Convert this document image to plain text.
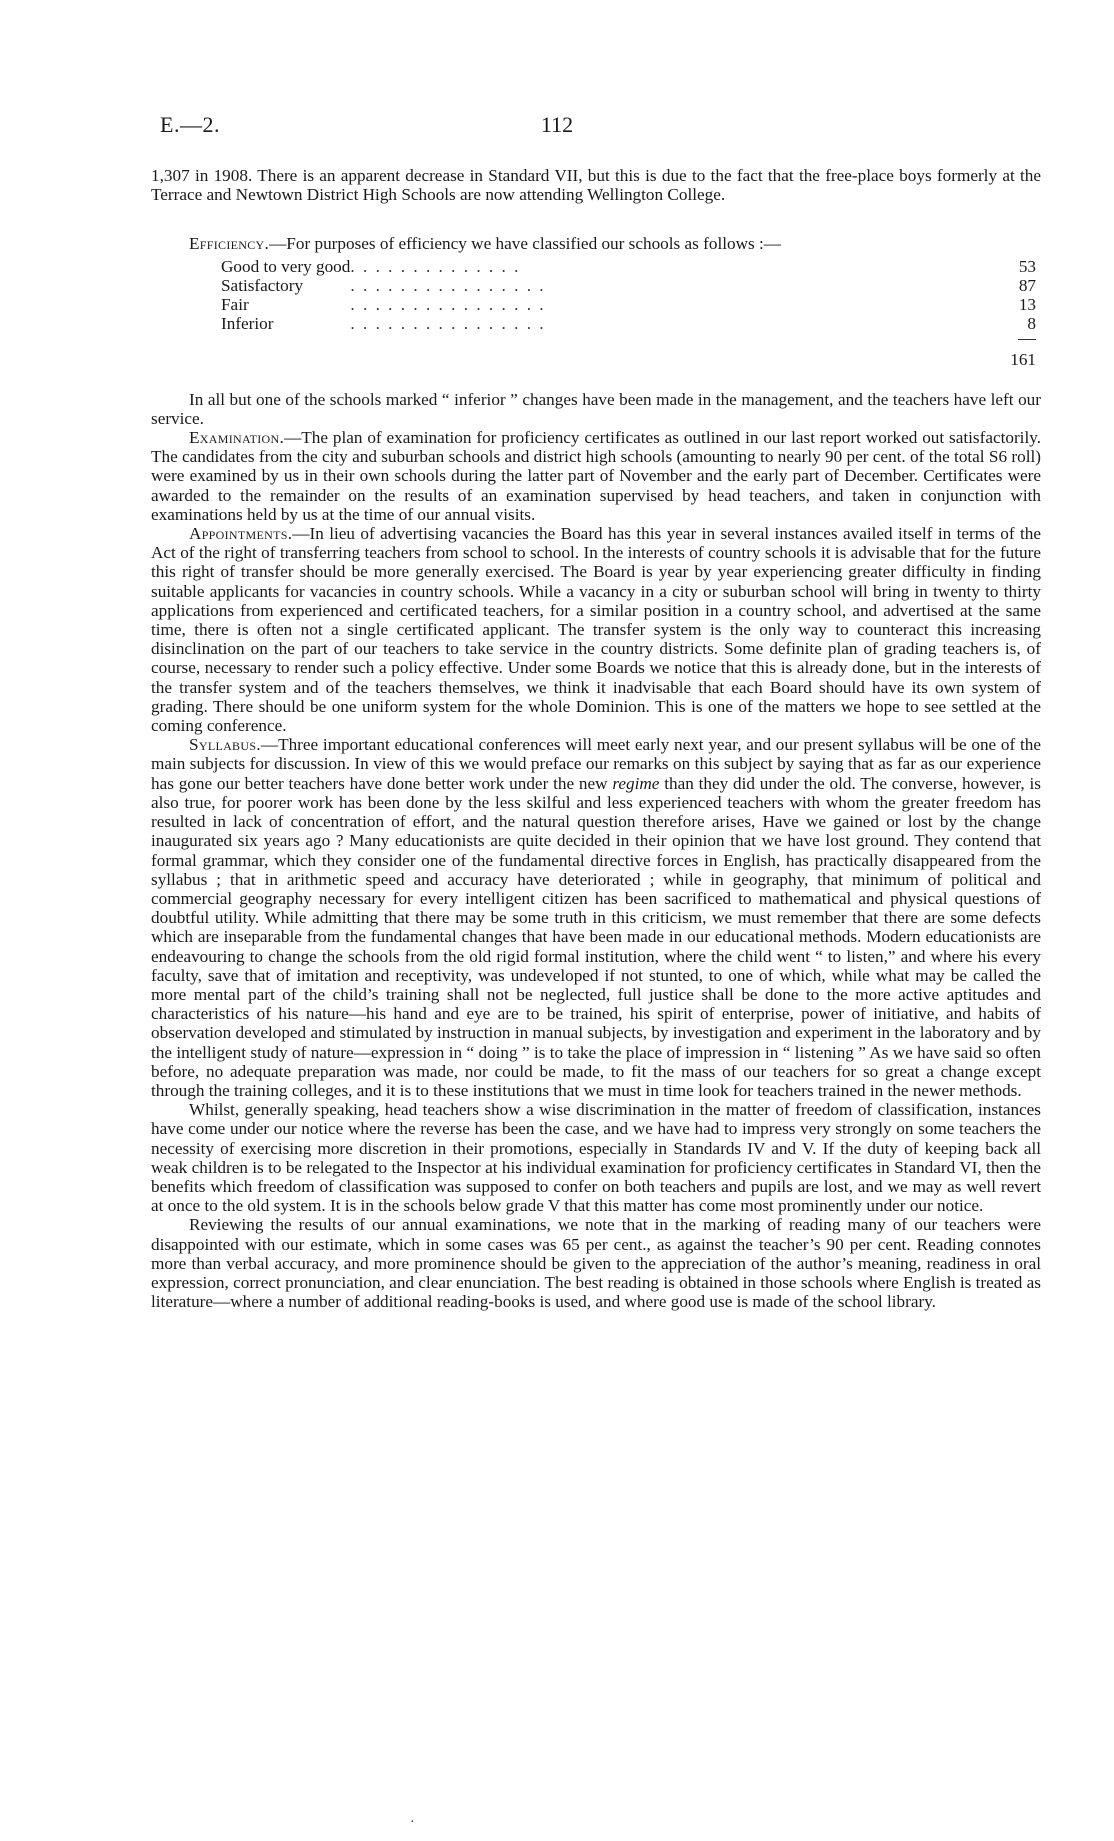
E.—2.	112

1,307 in 1908. There is an apparent decrease in Standard VII, but this is due to the fact that the free-place boys formerly at the Terrace and Newtown District High Schools are now attending Wellington College.

Efficiency.—For purposes of efficiency we have classified our schools as follows :—

Good to very good	. . . . . . . . . . . . . .	53
Satisfactory	. . . . . . . . . . . . . . . .	87
Fair	. . . . . . . . . . . . . . . .	13
Inferior	. . . . . . . . . . . . . . . .	8
161

In all but one of the schools marked “ inferior ” changes have been made in the management, and the teachers have left our service.

Examination.—The plan of examination for proficiency certificates as outlined in our last report worked out satisfactorily. The candidates from the city and suburban schools and district high schools (amounting to nearly 90 per cent. of the total S6 roll) were examined by us in their own schools during the latter part of November and the early part of December. Certificates were awarded to the remainder on the results of an examination supervised by head teachers, and taken in conjunction with examinations held by us at the time of our annual visits.

Appointments.—In lieu of advertising vacancies the Board has this year in several instances availed itself in terms of the Act of the right of transferring teachers from school to school. In the interests of country schools it is advisable that for the future this right of transfer should be more generally exercised. The Board is year by year experiencing greater difficulty in finding suitable applicants for vacancies in country schools. While a vacancy in a city or suburban school will bring in twenty to thirty applications from experienced and certificated teachers, for a similar position in a country school, and advertised at the same time, there is often not a single certificated applicant. The transfer system is the only way to counteract this increasing disinclination on the part of our teachers to take service in the country districts. Some definite plan of grading teachers is, of course, necessary to render such a policy effective. Under some Boards we notice that this is already done, but in the interests of the transfer system and of the teachers themselves, we think it inadvisable that each Board should have its own system of grading. There should be one uniform system for the whole Dominion. This is one of the matters we hope to see settled at the coming conference.

Syllabus.—Three important educational conferences will meet early next year, and our present syllabus will be one of the main subjects for discussion. In view of this we would preface our remarks on this subject by saying that as far as our experience has gone our better teachers have done better work under the new regime than they did under the old. The converse, however, is also true, for poorer work has been done by the less skilful and less experienced teachers with whom the greater freedom has resulted in lack of concentration of effort, and the natural question therefore arises, Have we gained or lost by the change inaugurated six years ago ? Many educationists are quite decided in their opinion that we have lost ground. They contend that formal grammar, which they consider one of the fundamental directive forces in English, has practically disappeared from the syllabus ; that in arithmetic speed and accuracy have deteriorated ; while in geography, that minimum of political and commercial geography necessary for every intelligent citizen has been sacrificed to mathematical and physical questions of doubtful utility. While admitting that there may be some truth in this criticism, we must remember that there are some defects which are inseparable from the fundamental changes that have been made in our educational methods. Modern educationists are endeavouring to change the schools from the old rigid formal institution, where the child went “ to listen,” and where his every faculty, save that of imitation and receptivity, was undeveloped if not stunted, to one of which, while what may be called the more mental part of the child’s training shall not be neglected, full justice shall be done to the more active aptitudes and characteristics of his nature—his hand and eye are to be trained, his spirit of enterprise, power of initiative, and habits of observation developed and stimulated by instruction in manual subjects, by investigation and experiment in the laboratory and by the intelligent study of nature—expression in “ doing ” is to take the place of impression in “ listening ” As we have said so often before, no adequate preparation was made, nor could be made, to fit the mass of our teachers for so great a change except through the training colleges, and it is to these institutions that we must in time look for teachers trained in the newer methods.

Whilst, generally speaking, head teachers show a wise discrimination in the matter of freedom of classification, instances have come under our notice where the reverse has been the case, and we have had to impress very strongly on some teachers the necessity of exercising more discretion in their promotions, especially in Standards IV and V. If the duty of keeping back all weak children is to be relegated to the Inspector at his individual examination for proficiency certificates in Standard VI, then the benefits which freedom of classification was supposed to confer on both teachers and pupils are lost, and we may as well revert at once to the old system. It is in the schools below grade V that this matter has come most prominently under our notice.

Reviewing the results of our annual examinations, we note that in the marking of reading many of our teachers were disappointed with our estimate, which in some cases was 65 per cent., as against the teacher’s 90 per cent. Reading connotes more than verbal accuracy, and more prominence should be given to the appreciation of the author’s meaning, readiness in oral expression, correct pronunciation, and clear enunciation. The best reading is obtained in those schools where English is treated as literature—where a number of additional reading-books is used, and where good use is made of the school library.

·
